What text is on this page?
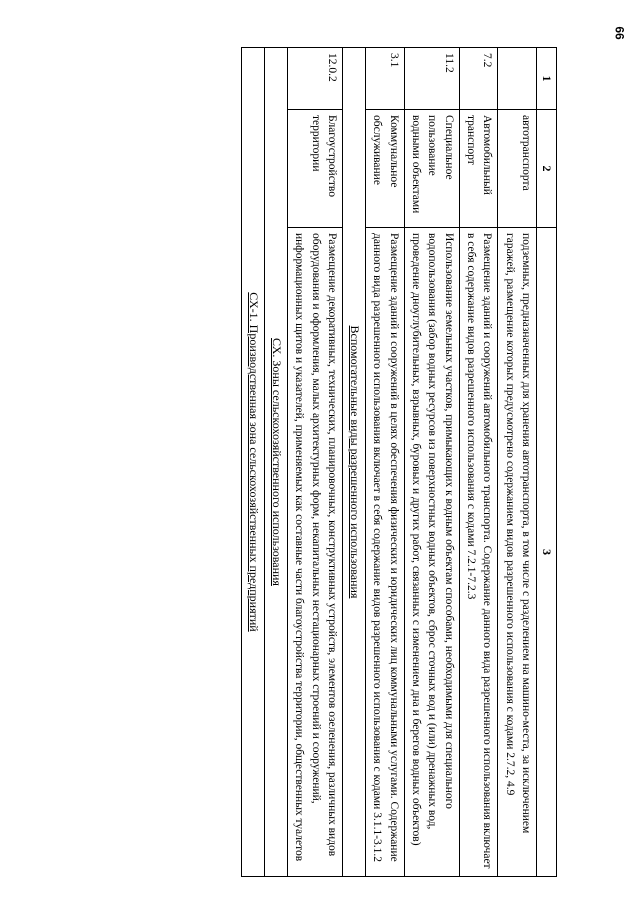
66
1	2	3
	автотранспорта	подземных, предназначенных для хранения автотранспорта, в том числе с разделением на машино-места, за исключением гаражей, размещение которых предусмотрено содержанием видов разрешенного использования с кодами 2.7.2, 4.9
7.2	Автомобильный транспорт	Размещение зданий и сооружений автомобильного транспорта. Содержание данного вида разрешенного использования включает в себя содержание видов разрешенного использования с кодами 7.2.1-7.2.3
11.2	Специальное пользование водными объектами	Использование земельных участков, примыкающих к водным объектам способами, необходимыми для специального водопользования (забор водных ресурсов из поверхностных водных объектов, сброс сточных вод и (или) дренажных вод, проведение дноуглубительных, взрывных, буровых и других работ, связанных с изменением дна и берегов водных объектов)
3.1	Коммунальное обслуживание	Размещение зданий и сооружений в целях обеспечения физических и юридических лиц коммунальными услугами. Содержание данного вида разрешенного использования включает в себя содержание видов разрешенного использования с кодами 3.1.1-3.1.2
Вспомогательные виды разрешенного использования		
12.0.2	Благоустройство территории	Размещение декоративных, технических, планировочных, конструктивных устройств, элементов озеленения, различных видов оборудования и оформления, малых архитектурных форм, некапитальных нестационарных строений и сооружений, информационных щитов и указателей, применяемых как составные части благоустройства территории, общественных туалетов
СХ. Зоны сельскохозяйственного использования		
СХ-1. Производственная зона сельскохозяйственных предприятий		
